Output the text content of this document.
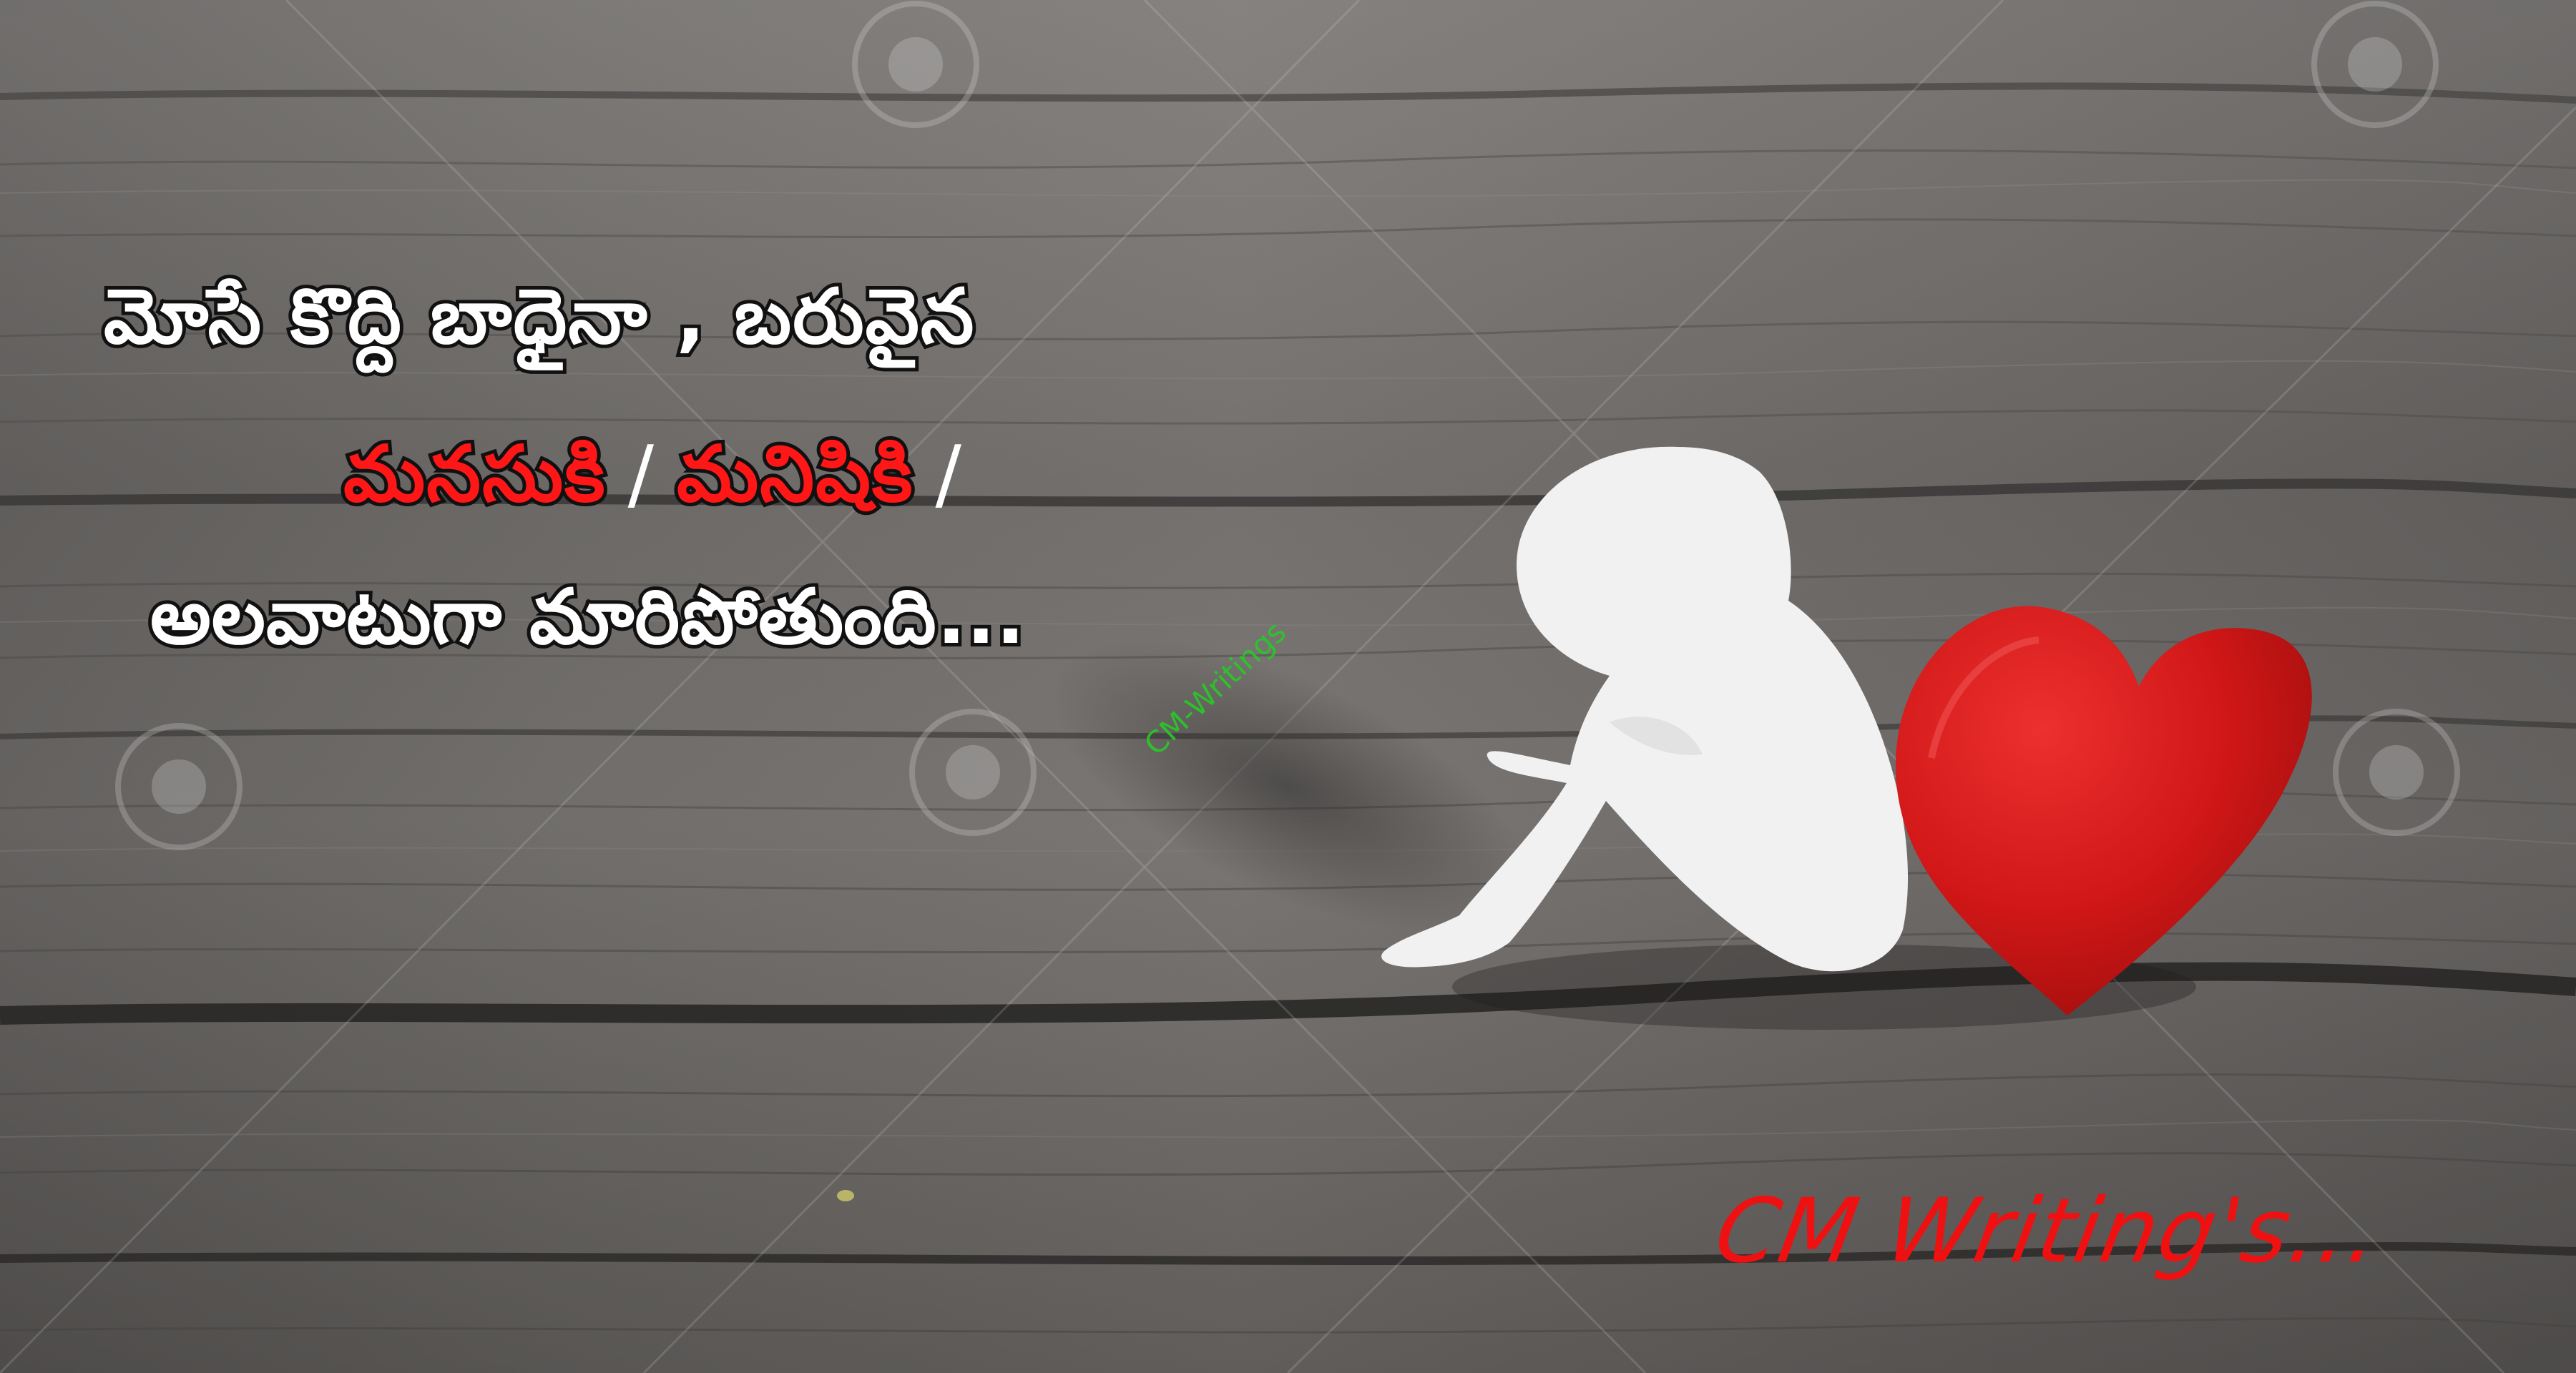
మోసే కొద్ది బాధైనా , బరువైన
మనసుకి / మనిషికి /
అలవాటుగా మారిపోతుంది...	CM-Writings
CM Writing's...
